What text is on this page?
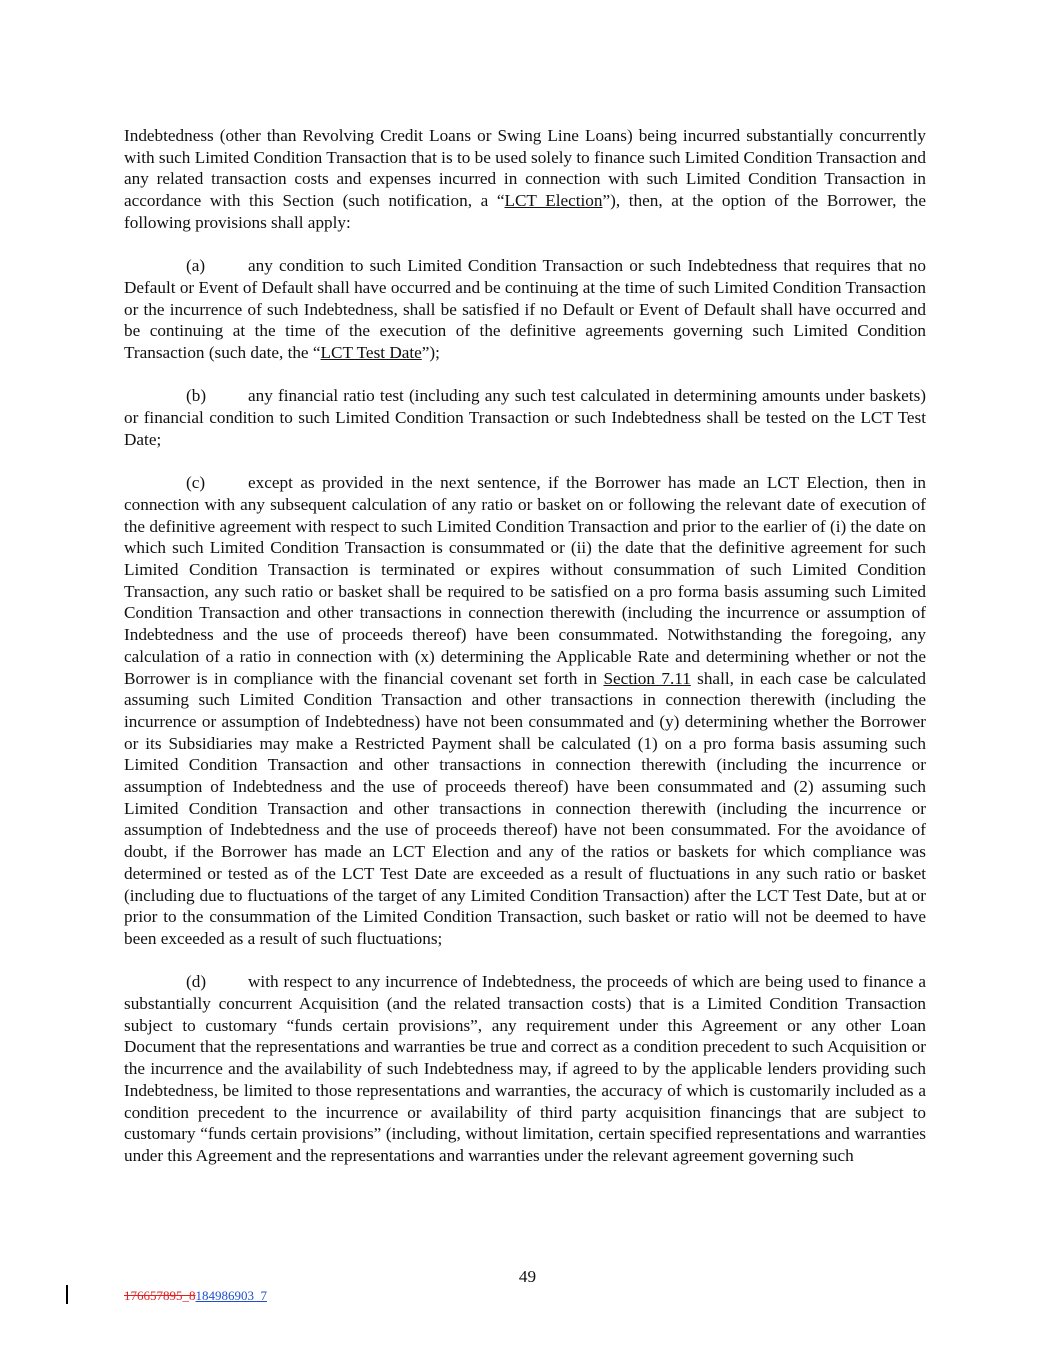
Indebtedness (other than Revolving Credit Loans or Swing Line Loans) being incurred substantially concurrently with such Limited Condition Transaction that is to be used solely to finance such Limited Condition Transaction and any related transaction costs and expenses incurred in connection with such Limited Condition Transaction in accordance with this Section (such notification, a “LCT Election”), then, at the option of the Borrower, the following provisions shall apply:

(a) any condition to such Limited Condition Transaction or such Indebtedness that requires that no Default or Event of Default shall have occurred and be continuing at the time of such Limited Condition Transaction or the incurrence of such Indebtedness, shall be satisfied if no Default or Event of Default shall have occurred and be continuing at the time of the execution of the definitive agreements governing such Limited Condition Transaction (such date, the “LCT Test Date”);

(b) any financial ratio test (including any such test calculated in determining amounts under baskets) or financial condition to such Limited Condition Transaction or such Indebtedness shall be tested on the LCT Test Date;

(c) except as provided in the next sentence, if the Borrower has made an LCT Election, then in connection with any subsequent calculation of any ratio or basket on or following the relevant date of execution of the definitive agreement with respect to such Limited Condition Transaction and prior to the earlier of (i) the date on which such Limited Condition Transaction is consummated or (ii) the date that the definitive agreement for such Limited Condition Transaction is terminated or expires without consummation of such Limited Condition Transaction, any such ratio or basket shall be required to be satisfied on a pro forma basis assuming such Limited Condition Transaction and other transactions in connection therewith (including the incurrence or assumption of Indebtedness and the use of proceeds thereof) have been consummated. Notwithstanding the foregoing, any calculation of a ratio in connection with (x) determining the Applicable Rate and determining whether or not the Borrower is in compliance with the financial covenant set forth in Section 7.11 shall, in each case be calculated assuming such Limited Condition Transaction and other transactions in connection therewith (including the incurrence or assumption of Indebtedness) have not been consummated and (y) determining whether the Borrower or its Subsidiaries may make a Restricted Payment shall be calculated (1) on a pro forma basis assuming such Limited Condition Transaction and other transactions in connection therewith (including the incurrence or assumption of Indebtedness and the use of proceeds thereof) have been consummated and (2) assuming such Limited Condition Transaction and other transactions in connection therewith (including the incurrence or assumption of Indebtedness and the use of proceeds thereof) have not been consummated. For the avoidance of doubt, if the Borrower has made an LCT Election and any of the ratios or baskets for which compliance was determined or tested as of the LCT Test Date are exceeded as a result of fluctuations in any such ratio or basket (including due to fluctuations of the target of any Limited Condition Transaction) after the LCT Test Date, but at or prior to the consummation of the Limited Condition Transaction, such basket or ratio will not be deemed to have been exceeded as a result of such fluctuations;

(d) with respect to any incurrence of Indebtedness, the proceeds of which are being used to finance a substantially concurrent Acquisition (and the related transaction costs) that is a Limited Condition Transaction subject to customary “funds certain provisions”, any requirement under this Agreement or any other Loan Document that the representations and warranties be true and correct as a condition precedent to such Acquisition or the incurrence and the availability of such Indebtedness may, if agreed to by the applicable lenders providing such Indebtedness, be limited to those representations and warranties, the accuracy of which is customarily included as a condition precedent to the incurrence or availability of third party acquisition financings that are subject to customary “funds certain provisions” (including, without limitation, certain specified representations and warranties under this Agreement and the representations and warranties under the relevant agreement governing such

49
176657895_8184986903_7
